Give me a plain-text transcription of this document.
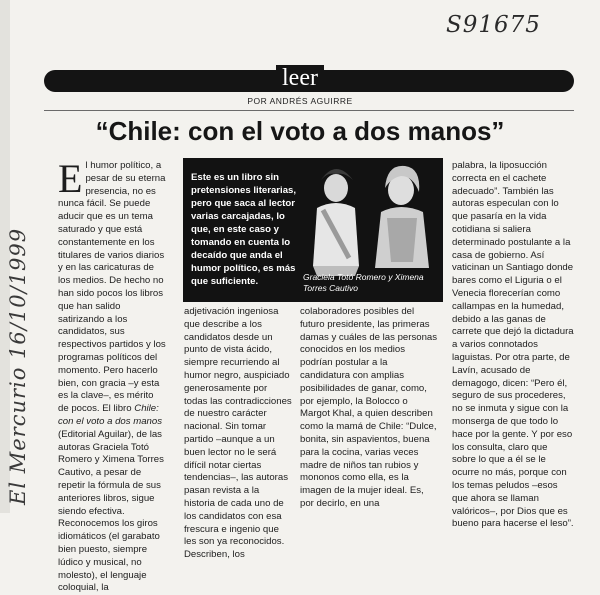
S91675
leer
POR ANDRÉS AGUIRRE
“Chile: con el voto a dos manos”
El Mercurio 16/10/1999

El humor político, a pesar de su eterna presencia, no es nunca fácil. Se puede aducir que es un tema saturado y que está constantemente en los titulares de varios diarios y en las caricaturas de los medios. De hecho no han sido pocos los libros que han salido satirizando a los candidatos, sus respectivos partidos y los programas políticos del momento. Pero hacerlo bien, con gracia –y esta es la clave–, es mérito de pocos. El libro Chile: con el voto a dos manos (Editorial Aguilar), de las autoras Graciela Totó Romero y Ximena Torres Cautivo, a pesar de repetir la fórmula de sus anteriores libros, sigue siendo efectiva. Reconocemos los giros idiomáticos (el garabato bien puesto, siempre lúdico y musical, no molesto), el lenguaje coloquial, la

Este es un libro sin pretensiones literarias, pero que saca al lector varias carcajadas, lo que, en este caso y tomando en cuenta lo decaído que anda el humor político, es más que suficiente.	Graciela Totó Romero y Ximena Torres Cautivo

adjetivación ingeniosa que describe a los candidatos desde un punto de vista ácido, siempre recurriendo al humor negro, auspiciado generosamente por todas las contradicciones de nuestro carácter nacional. Sin tomar partido –aunque a un buen lector no le será difícil notar ciertas tendencias–, las autoras pasan revista a la historia de cada uno de los candidatos con esa frescura e ingenio que les son ya reconocidos. Describen, los

colaboradores posibles del futuro presidente, las primeras damas y cuáles de las personas conocidos en los medios podrían postular a la candidatura con amplias posibilidades de ganar, como, por ejemplo, la Bolocco o Margot Khal, a quien describen como la mamá de Chile: “Dulce, bonita, sin aspavientos, buena para la cocina, varias veces madre de niños tan rubios y mononos como ella, es la imagen de la mujer ideal. Es, por decirlo, en una

palabra, la liposucción correcta en el cachete adecuado”. También las autoras especulan con lo que pasaría en la vida cotidiana si saliera determinado postulante a la casa de gobierno. Así vaticinan un Santiago donde bares como el Liguria o el Venecia florecerían como callampas en la humedad, debido a las ganas de carrete que dejó la dictadura a varios connotados laguistas. Por otra parte, de Lavín, acusado de demagogo, dicen: “Pero él, seguro de sus procederes, no se inmuta y sigue con la monserga de que todo lo hace por la gente. Y por eso los consulta, claro que sobre lo que a él se le ocurre no más, porque con los temas peludos –esos que ahora se llaman valóricos–, por Dios que es bueno para hacerse el leso”.
